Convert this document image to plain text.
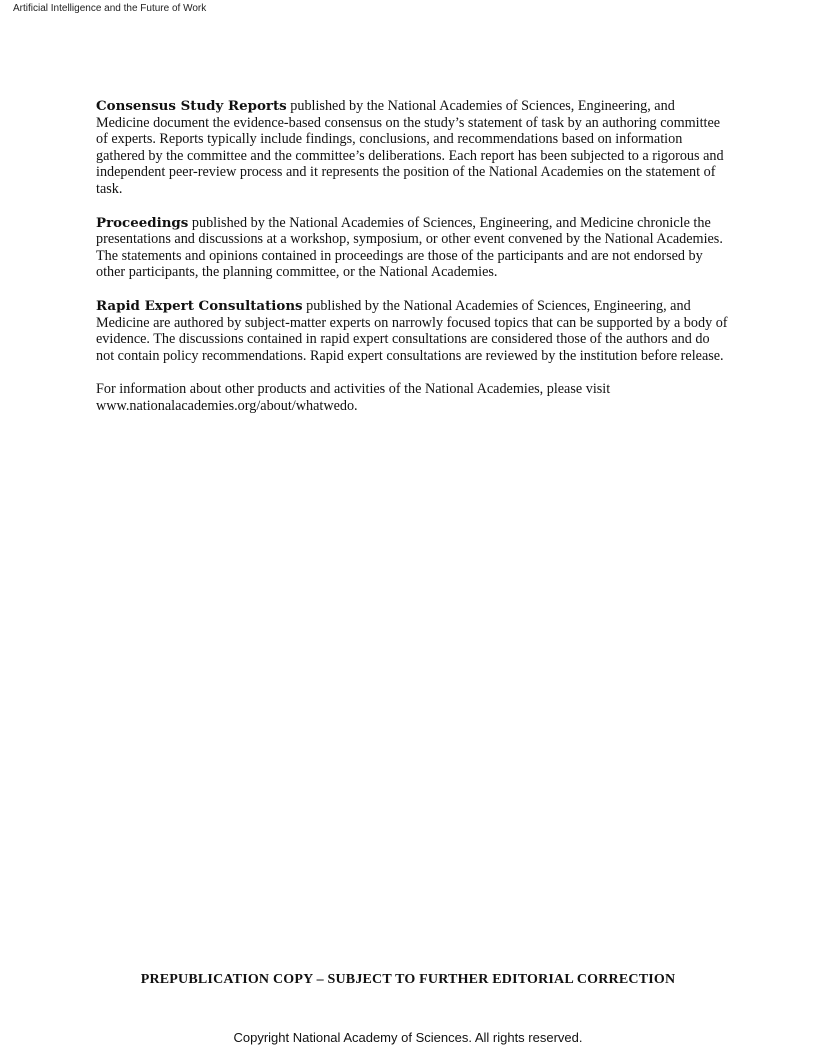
Artificial Intelligence and the Future of Work

Consensus Study Reports published by the National Academies of Sciences, Engineering, and Medicine document the evidence-based consensus on the study’s statement of task by an authoring committee of experts. Reports typically include findings, conclusions, and recommendations based on information gathered by the committee and the committee’s deliberations. Each report has been subjected to a rigorous and independent peer-review process and it represents the position of the National Academies on the statement of task.

Proceedings published by the National Academies of Sciences, Engineering, and Medicine chronicle the presentations and discussions at a workshop, symposium, or other event convened by the National Academies. The statements and opinions contained in proceedings are those of the participants and are not endorsed by other participants, the planning committee, or the National Academies.

Rapid Expert Consultations published by the National Academies of Sciences, Engineering, and Medicine are authored by subject-matter experts on narrowly focused topics that can be supported by a body of evidence. The discussions contained in rapid expert consultations are considered those of the authors and do not contain policy recommendations. Rapid expert consultations are reviewed by the institution before release.

For information about other products and activities of the National Academies, please visit www.nationalacademies.org/about/whatwedo.

PREPUBLICATION COPY – SUBJECT TO FURTHER EDITORIAL CORRECTION
Copyright National Academy of Sciences. All rights reserved.
